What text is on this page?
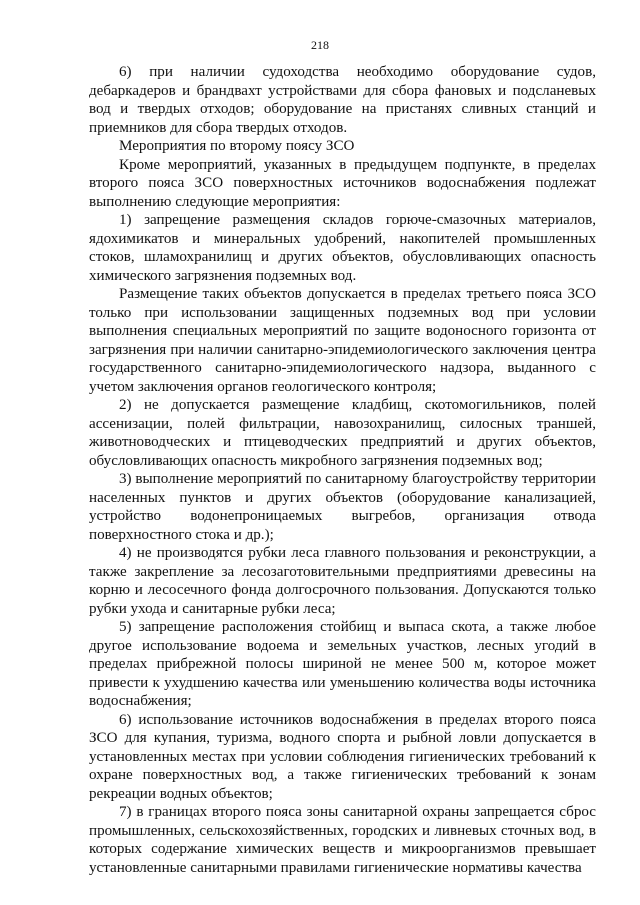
218

6) при наличии судоходства необходимо оборудование судов, дебаркадеров и брандвахт устройствами для сбора фановых и подсланевых вод и твердых отходов; оборудование на пристанях сливных станций и приемников для сбора твердых отходов.

Мероприятия по второму поясу ЗСО

Кроме мероприятий, указанных в предыдущем подпункте, в пределах второго пояса ЗСО поверхностных источников водоснабжения подлежат выполнению следующие мероприятия:

1) запрещение размещения складов горюче-смазочных материалов, ядохимикатов и минеральных удобрений, накопителей промышленных стоков, шламохранилищ и других объектов, обусловливающих опасность химического загрязнения подземных вод.

Размещение таких объектов допускается в пределах третьего пояса ЗСО только при использовании защищенных подземных вод при условии выполнения специальных мероприятий по защите водоносного горизонта от загрязнения при наличии санитарно-эпидемиологического заключения центра государственного санитарно-эпидемиологического надзора, выданного с учетом заключения органов геологического контроля;

2) не допускается размещение кладбищ, скотомогильников, полей ассенизации, полей фильтрации, навозохранилищ, силосных траншей, животноводческих и птицеводческих предприятий и других объектов, обусловливающих опасность микробного загрязнения подземных вод;

3) выполнение мероприятий по санитарному благоустройству территории населенных пунктов и других объектов (оборудование канализацией, устройство водонепроницаемых выгребов, организация отвода поверхностного стока и др.);

4) не производятся рубки леса главного пользования и реконструкции, а также закрепление за лесозаготовительными предприятиями древесины на корню и лесосечного фонда долгосрочного пользования. Допускаются только рубки ухода и санитарные рубки леса;

5) запрещение расположения стойбищ и выпаса скота, а также любое другое использование водоема и земельных участков, лесных угодий в пределах прибрежной полосы шириной не менее 500 м, которое может привести к ухудшению качества или уменьшению количества воды источника водоснабжения;

6) использование источников водоснабжения в пределах второго пояса ЗСО для купания, туризма, водного спорта и рыбной ловли допускается в установленных местах при условии соблюдения гигиенических требований к охране поверхностных вод, а также гигиенических требований к зонам рекреации водных объектов;

7) в границах второго пояса зоны санитарной охраны запрещается сброс промышленных, сельскохозяйственных, городских и ливневых сточных вод, в которых содержание химических веществ и микроорганизмов превышает установленные санитарными правилами гигиенические нормативы качества
